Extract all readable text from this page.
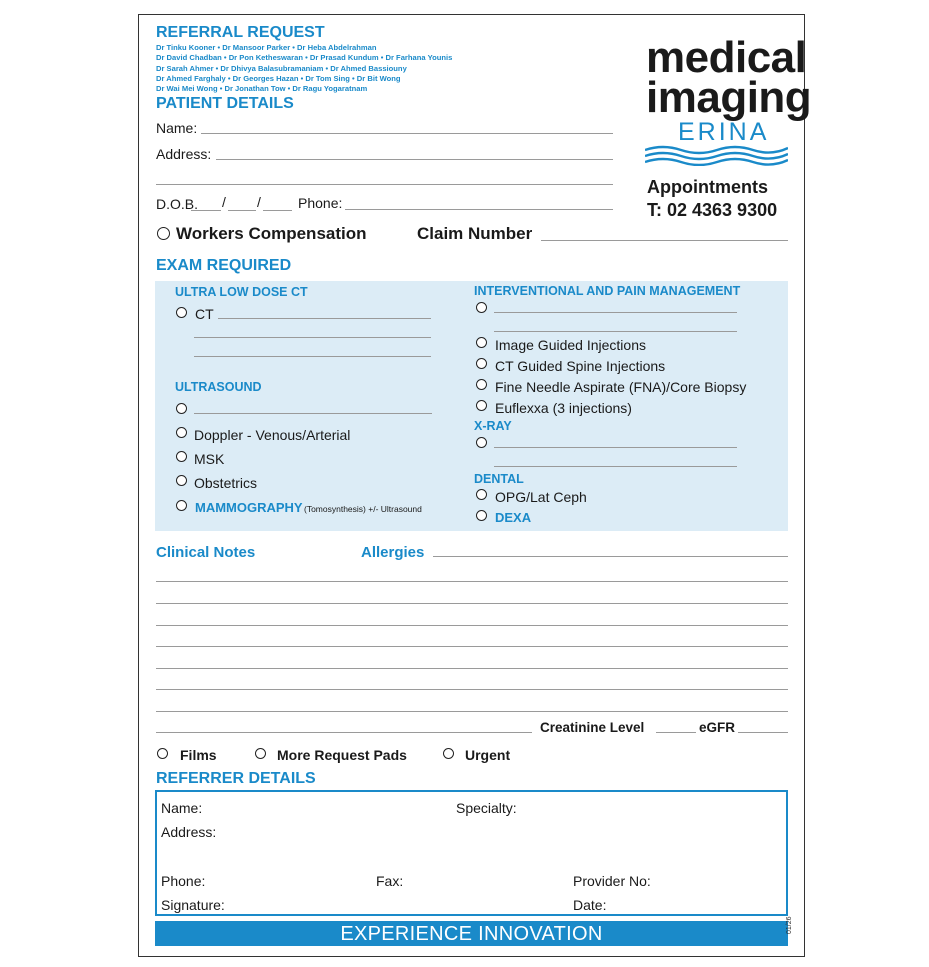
REFERRAL REQUEST
Dr Tinku Kooner • Dr Mansoor Parker • Dr Heba Abdelrahman
Dr David Chadban • Dr Pon Ketheswaran • Dr Prasad Kundum • Dr Farhana Younis
Dr Sarah Ahmer • Dr Dhivya Balasubramaniam • Dr Ahmed Bassiouny
Dr Ahmed Farghaly • Dr Georges Hazan • Dr Tom Sing • Dr Bit Wong
Dr Wai Mei Wong • Dr Jonathan Tow • Dr Ragu Yogaratnam
medical
imaging
ERINA
Appointments
T: 02 4363 9300
PATIENT DETAILS
Name:
Address:
D.O.B. / /	Phone:
Workers Compensation	Claim Number
EXAM REQUIRED
ULTRA LOW DOSE CT
CT
ULTRASOUND
Doppler - Venous/Arterial
MSK
Obstetrics
MAMMOGRAPHY (Tomosynthesis) +/- Ultrasound
INTERVENTIONAL AND PAIN MANAGEMENT
Image Guided Injections
CT Guided Spine Injections
Fine Needle Aspirate (FNA)/Core Biopsy
Euflexxa (3 injections)
X-RAY
DENTAL
OPG/Lat Ceph
DEXA
Clinical Notes	Allergies
Creatinine Level	eGFR
Films	More Request Pads	Urgent
REFERRER DETAILS
Name:	Specialty:
Address:
Phone:	Fax:	Provider No:
Signature:	Date:
EXPERIENCE INNOVATION	01/26
